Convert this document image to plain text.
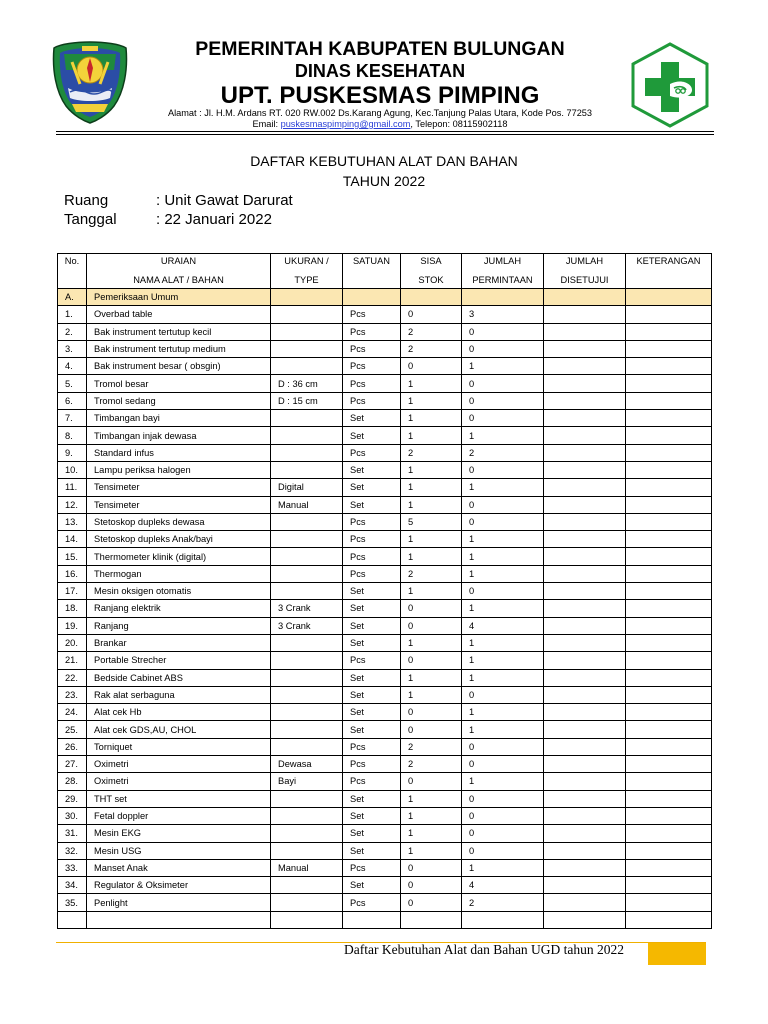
PEMERINTAH KABUPATEN BULUNGAN
DINAS KESEHATAN
UPT. PUSKESMAS PIMPING
Alamat : Jl. H.M. Ardans RT. 020 RW.002 Ds.Karang Agung, Kec.Tanjung Palas Utara, Kode Pos. 77253
Email: puskesmaspimping@gmail.com, Telepon: 08115902118
DAFTAR KEBUTUHAN ALAT DAN BAHAN
TAHUN 2022
Ruang	: Unit Gawat Darurat
Tanggal	: 22 Januari 2022
No.	URAIAN	UKURAN /	SATUAN	SISA	JUMLAH	JUMLAH	KETERANGAN
	NAMA ALAT / BAHAN	TYPE		STOK	PERMINTAAN	DISETUJUI	
A.	Pemeriksaan Umum						
1.	Overbad table		Pcs	0	3		
2.	Bak instrument tertutup kecil		Pcs	2	0		
3.	Bak instrument tertutup medium		Pcs	2	0		
4.	Bak instrument besar ( obsgin)		Pcs	0	1		
5.	Tromol besar	D : 36 cm	Pcs	1	0		
6.	Tromol sedang	D : 15 cm	Pcs	1	0		
7.	Timbangan bayi		Set	1	0		
8.	Timbangan injak dewasa		Set	1	1		
9.	Standard infus		Pcs	2	2		
10.	Lampu periksa halogen		Set	1	0		
11.	Tensimeter	Digital	Set	1	1		
12.	Tensimeter	Manual	Set	1	0		
13.	Stetoskop dupleks dewasa		Pcs	5	0		
14.	Stetoskop dupleks Anak/bayi		Pcs	1	1		
15.	Thermometer klinik (digital)		Pcs	1	1		
16.	Thermogan		Pcs	2	1		
17.	Mesin oksigen otomatis		Set	1	0		
18.	Ranjang elektrik	3 Crank	Set	0	1		
19.	Ranjang	3 Crank	Set	0	4		
20.	Brankar		Set	1	1		
21.	Portable Strecher		Pcs	0	1		
22.	Bedside Cabinet ABS		Set	1	1		
23.	Rak alat serbaguna		Set	1	0		
24.	Alat cek Hb		Set	0	1		
25.	Alat cek GDS,AU, CHOL		Set	0	1		
26.	Torniquet		Pcs	2	0		
27.	Oximetri	Dewasa	Pcs	2	0		
28.	Oximetri	Bayi	Pcs	0	1		
29.	THT set		Set	1	0		
30.	Fetal doppler		Set	1	0		
31.	Mesin EKG		Set	1	0		
32.	Mesin USG		Set	1	0		
33.	Manset Anak	Manual	Pcs	0	1		
34.	Regulator & Oksimeter		Set	0	4		
35.	Penlight		Pcs	0	2		

Daftar Kebutuhan Alat dan Bahan UGD tahun 2022
